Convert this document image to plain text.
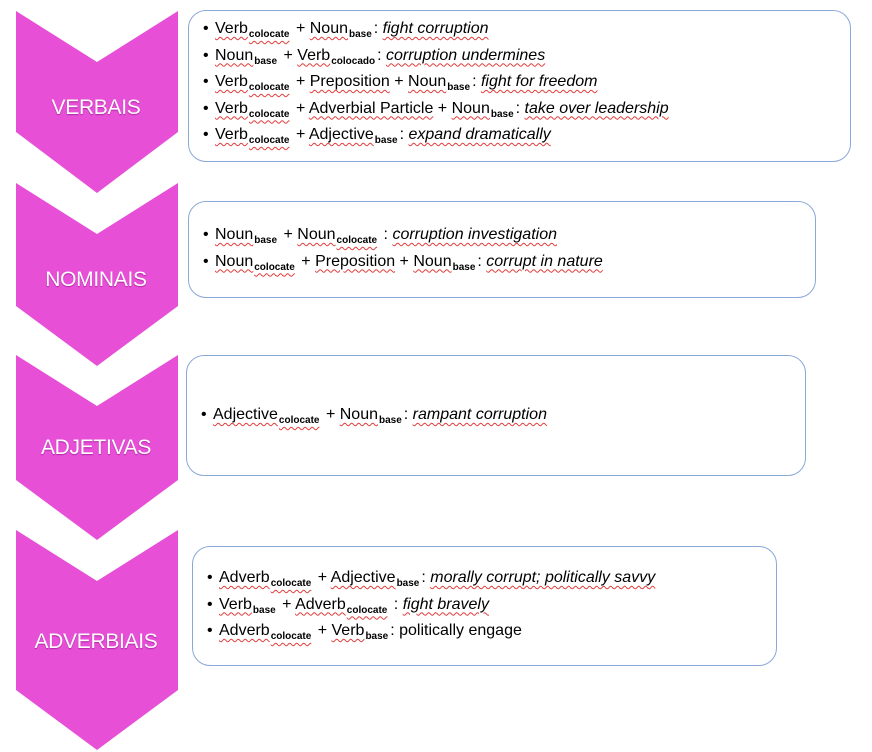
VERBAIS
NOMINAIS
ADJETIVAS
ADVERBIAIS
• Verb$_{colocate}$ + Noun$_{base}$ : fight corruption
• Noun$_{base}$ + Verb$_{colocado}$ : corruption undermines
• Verb$_{colocate}$ + Preposition + Noun$_{base}$ : fight for freedom
• Verb$_{colocate}$ + Adverbial Particle + Noun$_{base}$ : take over leadership
• Verb$_{colocate}$ + Adjective$_{base}$ : expand dramatically
• Noun$_{base}$ + Noun$_{colocate}$ : corruption investigation
• Noun$_{colocate}$ + Preposition + Noun$_{base}$ : corrupt in nature
• Adjective$_{colocate}$ + Noun$_{base}$ : rampant corruption
• Adverb$_{colocate}$ + Adjective$_{base}$ : morally corrupt; politically savvy
• Verb$_{base}$ + Adverb$_{colocate}$ : fight bravely
• Adverb$_{colocate}$ + Verb$_{base}$ : politically engage
